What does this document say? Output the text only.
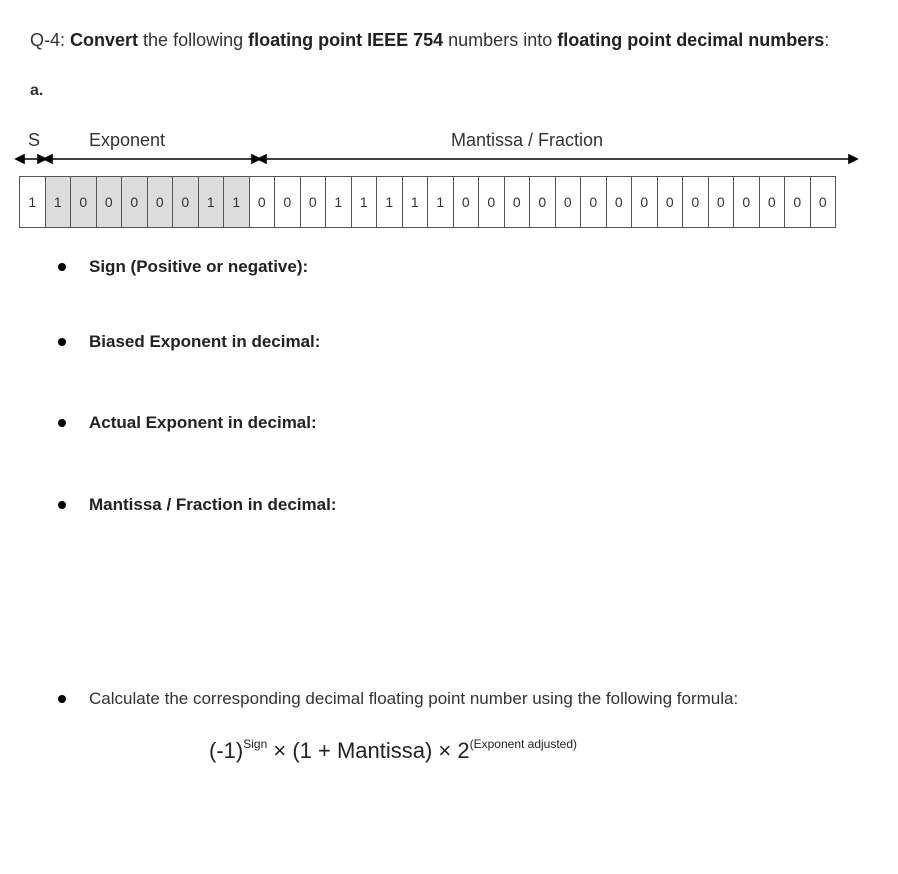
Q-4: Convert the following floating point IEEE 754 numbers into floating point decimal numbers:
a.
S	Exponent	Mantissa / Fraction
1	1	0	0	0	0	0	1	1	0	0	0	1	1	1	1	1	0	0	0	0	0	0	0	0	0	0	0	0	0	0	0
Sign (Positive or negative):
Biased Exponent in decimal:
Actual Exponent in decimal:
Mantissa / Fraction in decimal:
Calculate the corresponding decimal floating point number using the following formula:
$(-1)^{Sign} \times (1$ + Mantissa) × $2^{(Exponent adjusted)}$
